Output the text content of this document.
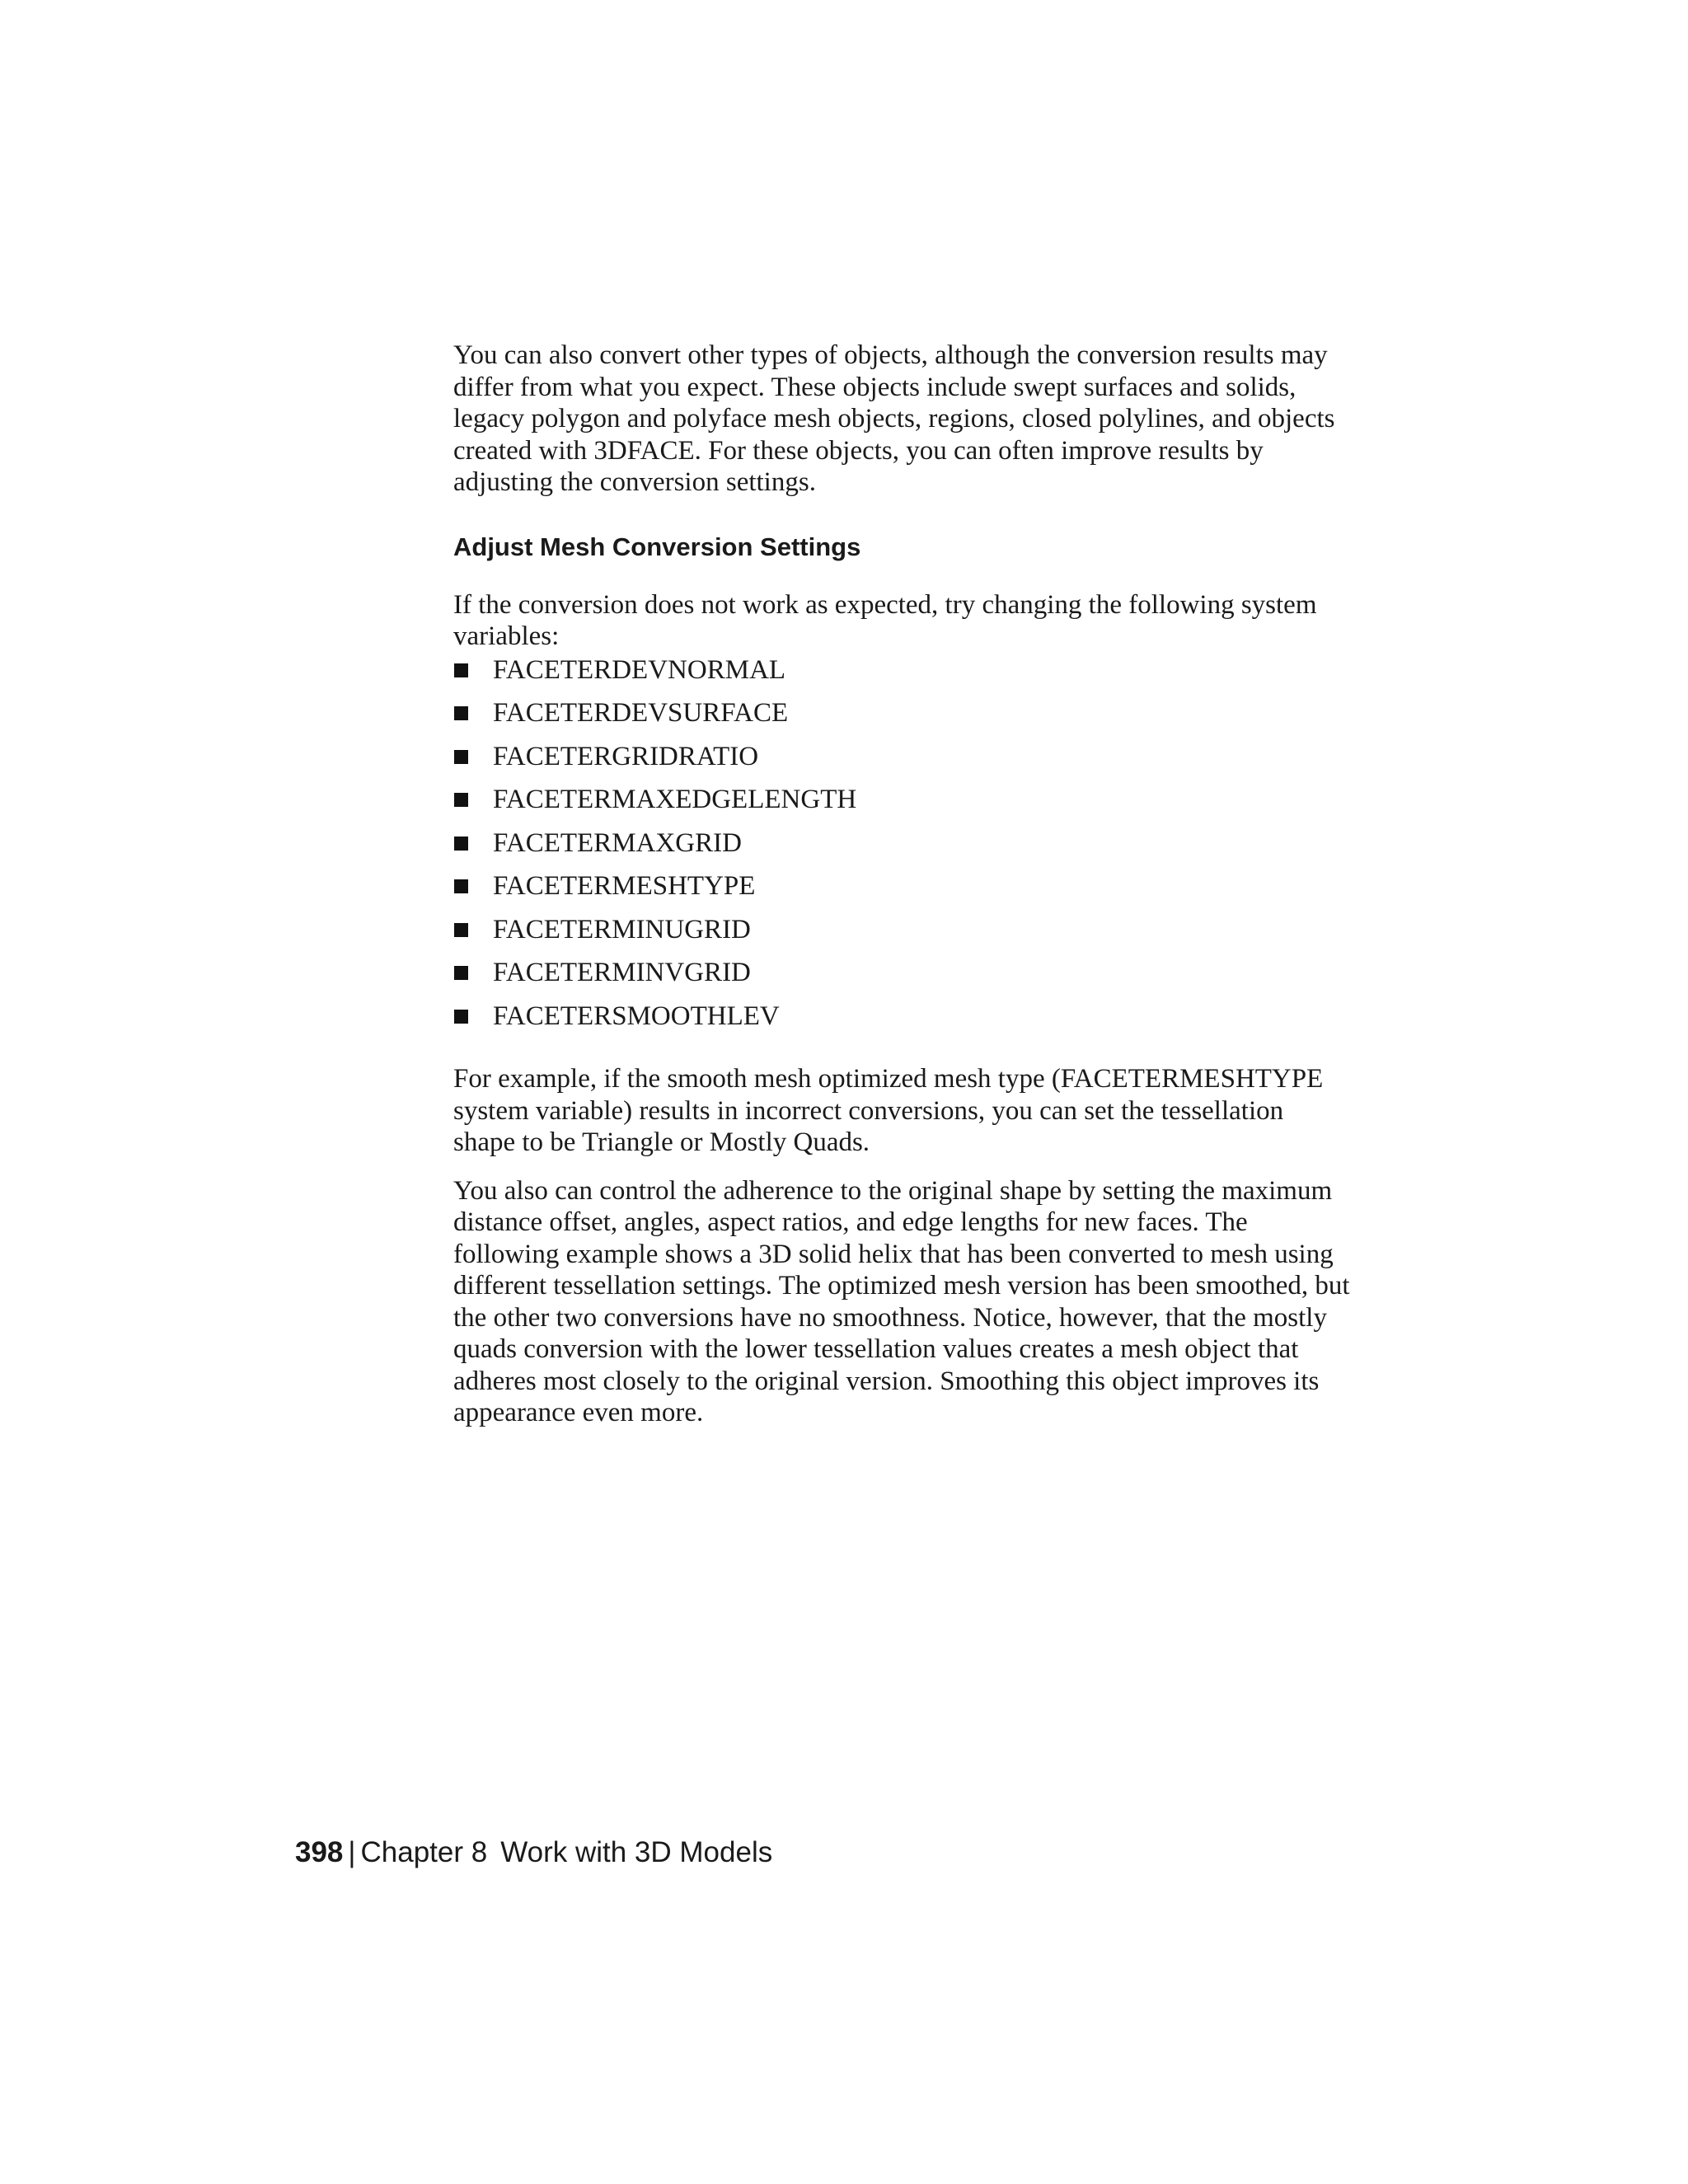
You can also convert other types of objects, although the conversion results may differ from what you expect. These objects include swept surfaces and solids, legacy polygon and polyface mesh objects, regions, closed polylines, and objects created with 3DFACE. For these objects, you can often improve results by adjusting the conversion settings.

Adjust Mesh Conversion Settings

If the conversion does not work as expected, try changing the following system variables:

FACETERDEVNORMAL
FACETERDEVSURFACE
FACETERGRIDRATIO
FACETERMAXEDGELENGTH
FACETERMAXGRID
FACETERMESHTYPE
FACETERMINUGRID
FACETERMINVGRID
FACETERSMOOTHLEV

For example, if the smooth mesh optimized mesh type (FACETERMESHTYPE system variable) results in incorrect conversions, you can set the tessellation shape to be Triangle or Mostly Quads.

You also can control the adherence to the original shape by setting the maximum distance offset, angles, aspect ratios, and edge lengths for new faces. The following example shows a 3D solid helix that has been converted to mesh using different tessellation settings. The optimized mesh version has been smoothed, but the other two conversions have no smoothness. Notice, however, that the mostly quads conversion with the lower tessellation values creates a mesh object that adheres most closely to the original version. Smoothing this object improves its appearance even more.

398 | Chapter 8 Work with 3D Models
